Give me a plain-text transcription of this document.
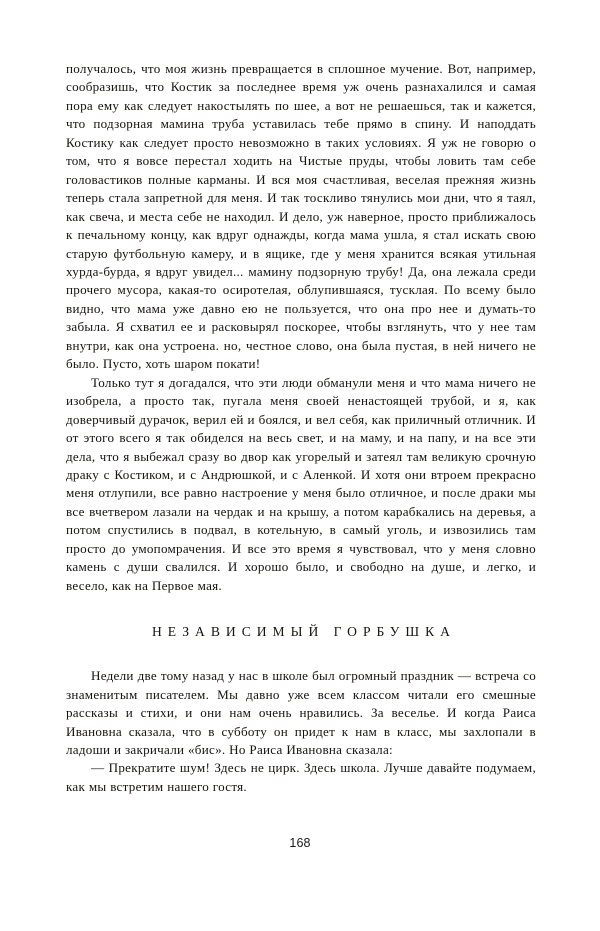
получалось, что моя жизнь превращается в сплошное мучение. Вот, например, сообразишь, что Костик за последнее время уж очень разнахалился и самая пора ему как следует накостылять по шее, а вот не решаешься, так и кажется, что подзорная мамина труба уставилась тебе прямо в спину. И наподдать Костику как следует просто невозможно в таких условиях. Я уж не говорю о том, что я вовсе перестал ходить на Чистые пруды, чтобы ловить там себе головастиков полные карманы. И вся моя счастливая, веселая прежняя жизнь теперь стала запретной для меня. И так тоскливо тянулись мои дни, что я таял, как свеча, и места себе не находил. И дело, уж наверное, просто приближалось к печальному концу, как вдруг однажды, когда мама ушла, я стал искать свою старую футбольную камеру, и в ящике, где у меня хранится всякая утильная хурда-бурда, я вдруг увидел... мамину подзорную трубу! Да, она лежала среди прочего мусора, какая-то осиротелая, облупившаяся, тусклая. По всему было видно, что мама уже давно ею не пользуется, что она про нее и думать-то забыла. Я схватил ее и расковырял поскорее, чтобы взглянуть, что у нее там внутри, как она устроена. но, честное слово, она была пустая, в ней ничего не было. Пусто, хоть шаром покати!

Только тут я догадался, что эти люди обманули меня и что мама ничего не изобрела, а просто так, пугала меня своей ненастоящей трубой, и я, как доверчивый дурачок, верил ей и боялся, и вел себя, как приличный отличник. И от этого всего я так обиделся на весь свет, и на маму, и на папу, и на все эти дела, что я выбежал сразу во двор как угорелый и затеял там великую срочную драку с Костиком, и с Андрюшкой, и с Аленкой. И хотя они втроем прекрасно меня отлупили, все равно настроение у меня было отличное, и после драки мы все вчетвером лазали на чердак и на крышу, а потом карабкались на деревья, а потом спустились в подвал, в котельную, в самый уголь, и извозились там просто до умопомрачения. И все это время я чувствовал, что у меня словно камень с души свалился. И хорошо было, и свободно на душе, и легко, и весело, как на Первое мая.

НЕЗАВИСИМЫЙ ГОРБУШКА

Недели две тому назад у нас в школе был огромный праздник — встреча со знаменитым писателем. Мы давно уже всем классом читали его смешные рассказы и стихи, и они нам очень нравились. За веселье. И когда Раиса Ивановна сказала, что в субботу он придет к нам в класс, мы захлопали в ладоши и закричали «бис». Но Раиса Ивановна сказала:

— Прекратите шум! Здесь не цирк. Здесь школа. Лучше давайте подумаем, как мы встретим нашего гостя.

168
